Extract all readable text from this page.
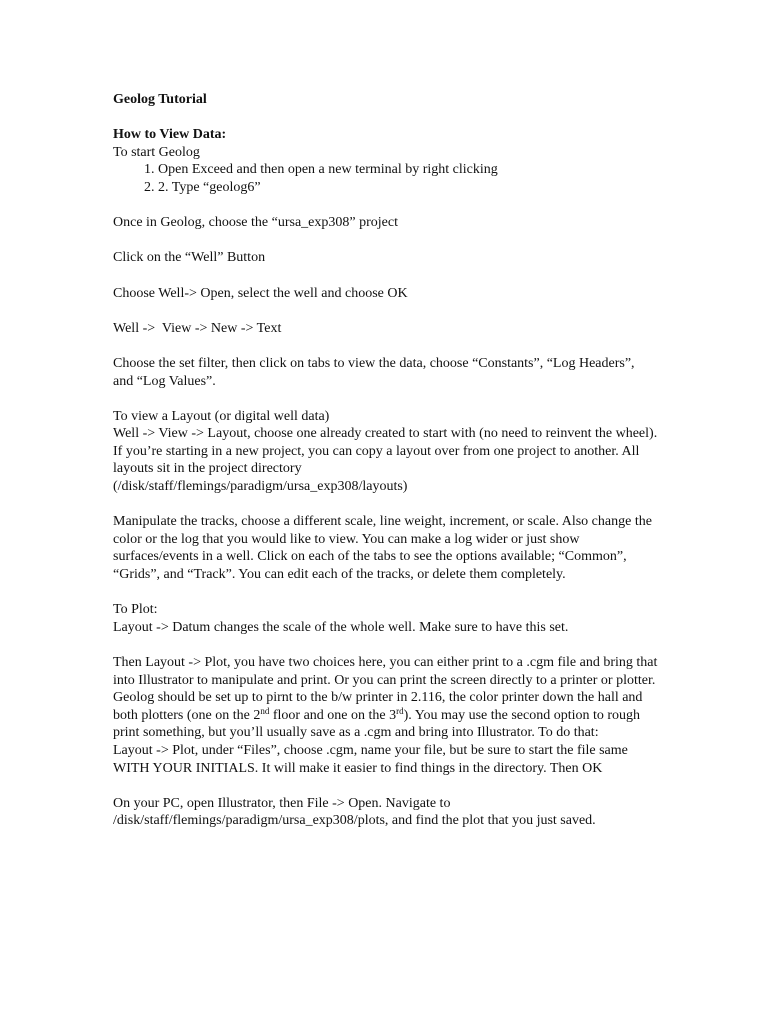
Geolog Tutorial

How to View Data:

To start Geolog

1. Open Exceed and then open a new terminal by right clicking
2. 2. Type “geolog6”

Once in Geolog, choose the “ursa_exp308” project

Click on the “Well” Button

Choose Well-> Open, select the well and choose OK

Well ->  View -> New -> Text

Choose the set filter, then click on tabs to view the data, choose “Constants”, “Log Headers”, and “Log Values”.

To view a Layout (or digital well data)

Well -> View -> Layout, choose one already created to start with (no need to reinvent the wheel). If you’re starting in a new project, you can copy a layout over from one project to another. All layouts sit in the project directory

(/disk/staff/flemings/paradigm/ursa_exp308/layouts)

Manipulate the tracks, choose a different scale, line weight, increment, or scale. Also change the color or the log that you would like to view. You can make a log wider or just show surfaces/events in a well. Click on each of the tabs to see the options available; “Common”, “Grids”, and “Track”. You can edit each of the tracks, or delete them completely.

To Plot:

Layout -> Datum changes the scale of the whole well. Make sure to have this set.

Then Layout -> Plot, you have two choices here, you can either print to a .cgm file and bring that into Illustrator to manipulate and print. Or you can print the screen directly to a printer or plotter. Geolog should be set up to pirnt to the b/w printer in 2.116, the color printer down the hall and both plotters (one on the 2nd floor and one on the 3rd). You may use the second option to rough print something, but you’ll usually save as a .cgm and bring into Illustrator. To do that:

Layout -> Plot, under “Files”, choose .cgm, name your file, but be sure to start the file same WITH YOUR INITIALS. It will make it easier to find things in the directory. Then OK

On your PC, open Illustrator, then File -> Open. Navigate to

/disk/staff/flemings/paradigm/ursa_exp308/plots, and find the plot that you just saved.
